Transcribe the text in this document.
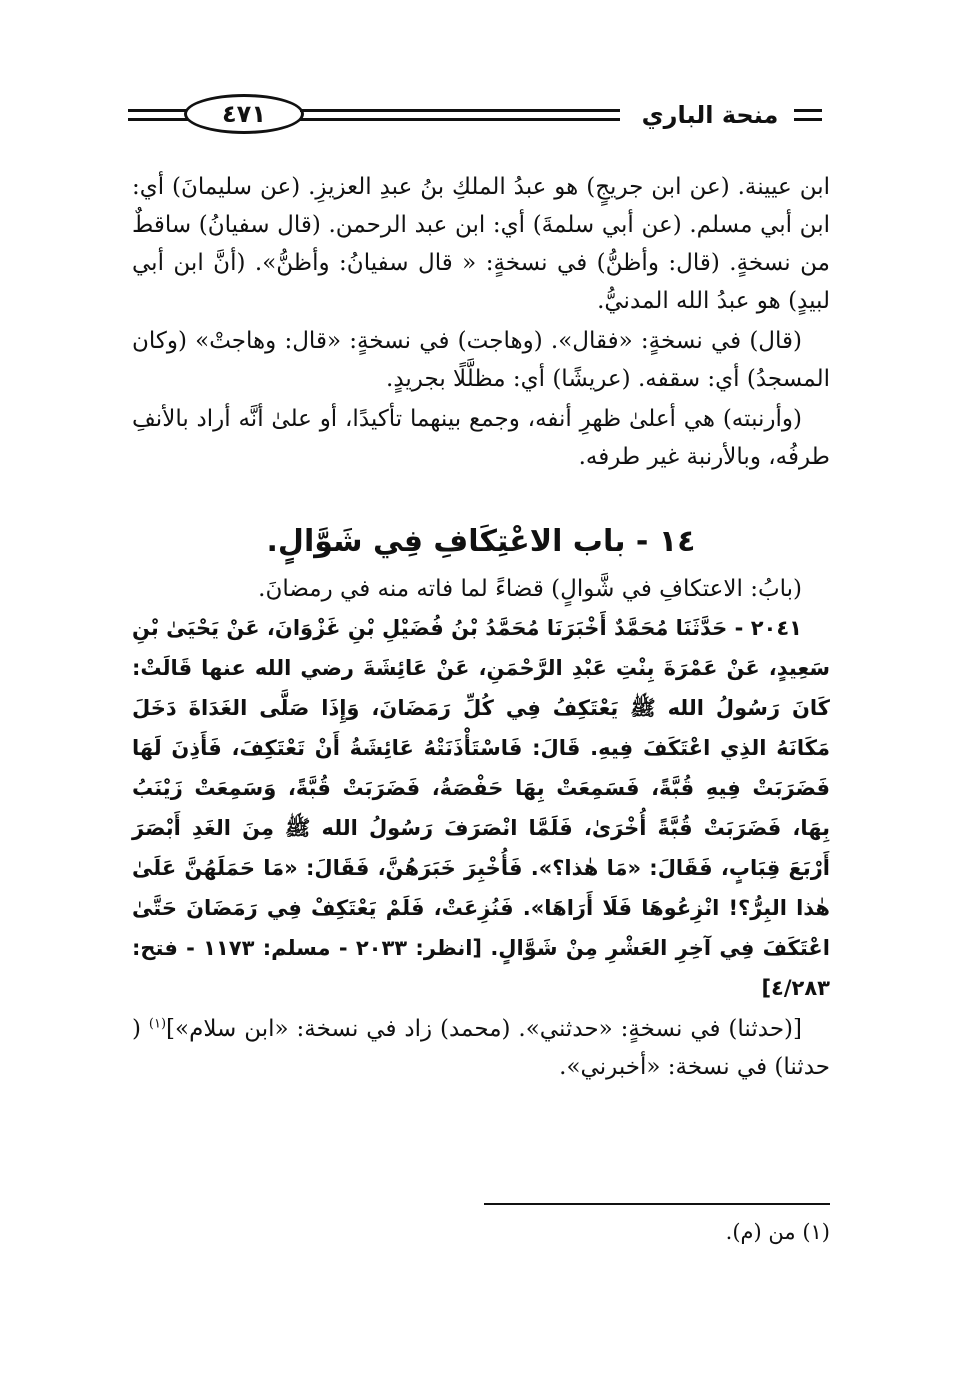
٤٧١	منحة الباري

ابن عيينة. (عن ابن جريجٍ) هو عبدُ الملكِ بنُ عبدِ العزيزِ. (عن سليمانَ) أي: ابن أبي مسلم. (عن أبي سلمةَ) أي: ابن عبد الرحمن. (قال سفيانُ) ساقطٌ من نسخةٍ. (قال: وأظنُّ) في نسخةٍ: « قال سفيانُ: وأظنُّ». (أنَّ ابن أبي لبيدٍ) هو عبدُ الله المدنيُّ.

(قال) في نسخةٍ: «فقال». (وهاجت) في نسخةٍ: «قال: وهاجتْ» (وكان المسجدُ) أي: سقفه. (عريشًا) أي: مظلَّلًا بجريدٍ.

(وأرنبته) هي أعلىٰ ظهرِ أنفه، وجمع بينهما تأكيدًا، أو علىٰ أنَّه أراد بالأنفِ طرفُه، وبالأرنبة غير طرفه.

١٤ - باب الاعْتِكَافِ فِي شَوَّالٍ.

(بابُ: الاعتكافِ في شَّوالٍ) قضاءً لما فاته منه في رمضانَ.

٢٠٤١ - حَدَّثَنَا مُحَمَّدٌ أَخْبَرَنَا مُحَمَّدُ بْنُ فُضَيْلِ بْنِ غَزْوَانَ، عَنْ يَحْيَىٰ بْنِ سَعِيدٍ، عَنْ عَمْرَةَ بِنْتِ عَبْدِ الرَّحْمَنِ، عَنْ عَائِشَةَ رضي الله عنها قَالَتْ: كَانَ رَسُولُ الله ﷺ يَعْتَكِفُ فِي كُلِّ رَمَضَانَ، وَإِذَا صَلَّى الغَدَاةَ دَخَلَ مَكَانَهُ الذِي اعْتَكَفَ فِيهِ. قَالَ: فَاسْتَأْذَنَتْهُ عَائِشَةُ أَنْ تَعْتَكِفَ، فَأَذِنَ لَهَا فَضَرَبَتْ فِيهِ قُبَّةً، فَسَمِعَتْ بِهَا حَفْصَةُ، فَضَرَبَتْ قُبَّةً، وَسَمِعَتْ زَيْنَبُ بِهَا، فَضَرَبَتْ قُبَّةً أُخْرَىٰ، فَلَمَّا انْصَرَفَ رَسُولُ الله ﷺ مِنَ الغَدِ أَبْصَرَ أَرْبَعَ قِبَابٍ، فَقَالَ: «مَا هٰذا؟». فَأُخْبِرَ خَبَرَهُنَّ، فَقَالَ: «مَا حَمَلَهُنَّ عَلَىٰ هٰذا البِرُّ؟! انْزِعُوهَا فَلَا أَرَاهَا». فَنُزِعَتْ، فَلَمْ يَعْتَكِفْ فِي رَمَضَانَ حَتَّىٰ اعْتَكَفَ فِي آخِرِ العَشْرِ مِنْ شَوَّالٍ. [انظر: ٢٠٣٣ - مسلم: ١١٧٣ - فتح: ٤/٢٨٣]

[(حدثنا) في نسخةٍ: «حدثني». (محمد) زاد في نسخة: «ابن سلام»]$^{(١)}$ ( حدثنا) في نسخة: «أخبرني».

(١) من (م).
